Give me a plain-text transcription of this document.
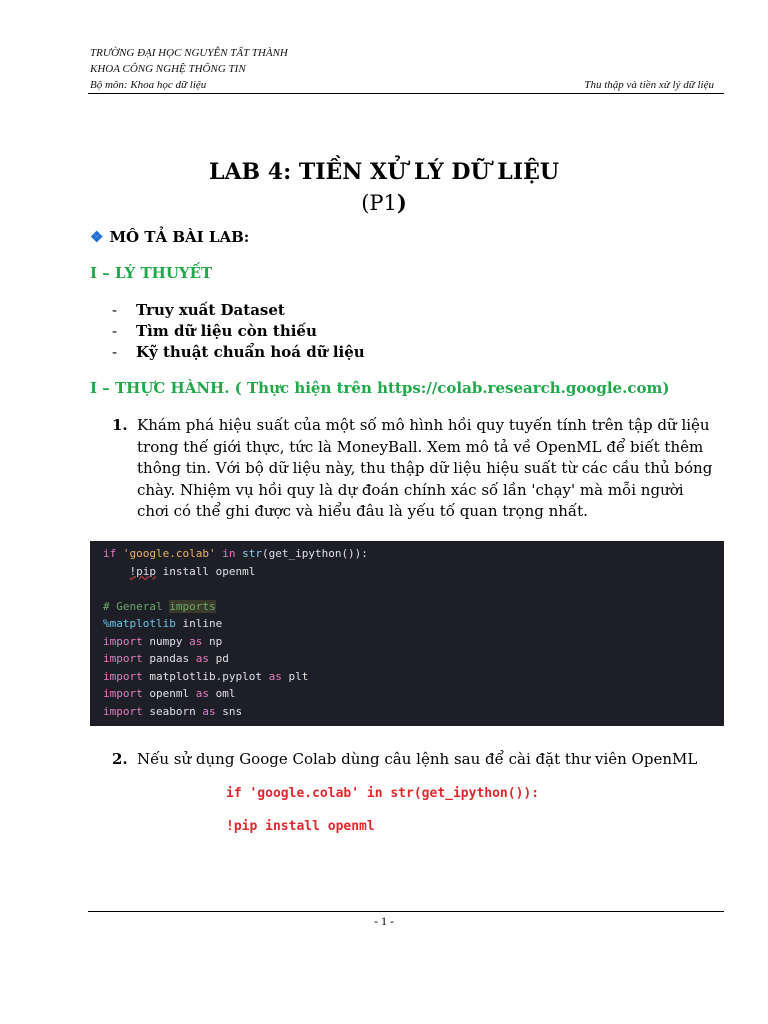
TRƯỜNG ĐẠI HỌC NGUYỄN TẤT THÀNH
KHOA CÔNG NGHỆ THÔNG TIN
Bộ môn: Khoa học dữ liệu	Thu thập và tiền xử lý dữ liệu
LAB 4: TIỀN XỬ LÝ DỮ LIỆU
(P1)
❖ MÔ TẢ BÀI LAB:
I – LÝ THUYẾT
- Truy xuất Dataset
- Tìm dữ liệu còn thiếu
- Kỹ thuật chuẩn hoá dữ liệu
I – THỰC HÀNH. ( Thực hiện trên https://colab.research.google.com)
1. Khám phá hiệu suất của một số mô hình hồi quy tuyến tính trên tập dữ liệu trong thế giới thực, tức là MoneyBall. Xem mô tả về OpenML để biết thêm thông tin. Với bộ dữ liệu này, thu thập dữ liệu hiệu suất từ các cầu thủ bóng chày. Nhiệm vụ hồi quy là dự đoán chính xác số lần 'chạy' mà mỗi người chơi có thể ghi được và hiểu đâu là yếu tố quan trọng nhất.
if 'google.colab' in str(get_ipython()):
!pip install openml

# General imports
%matplotlib inline
import numpy as np
import pandas as pd
import matplotlib.pyplot as plt
import openml as oml
import seaborn as sns
2. Nếu sử dụng Googe Colab dùng câu lệnh sau để cài đặt thư viên OpenML
if 'google.colab' in str(get_ipython()):
!pip install openml
- 1 -
